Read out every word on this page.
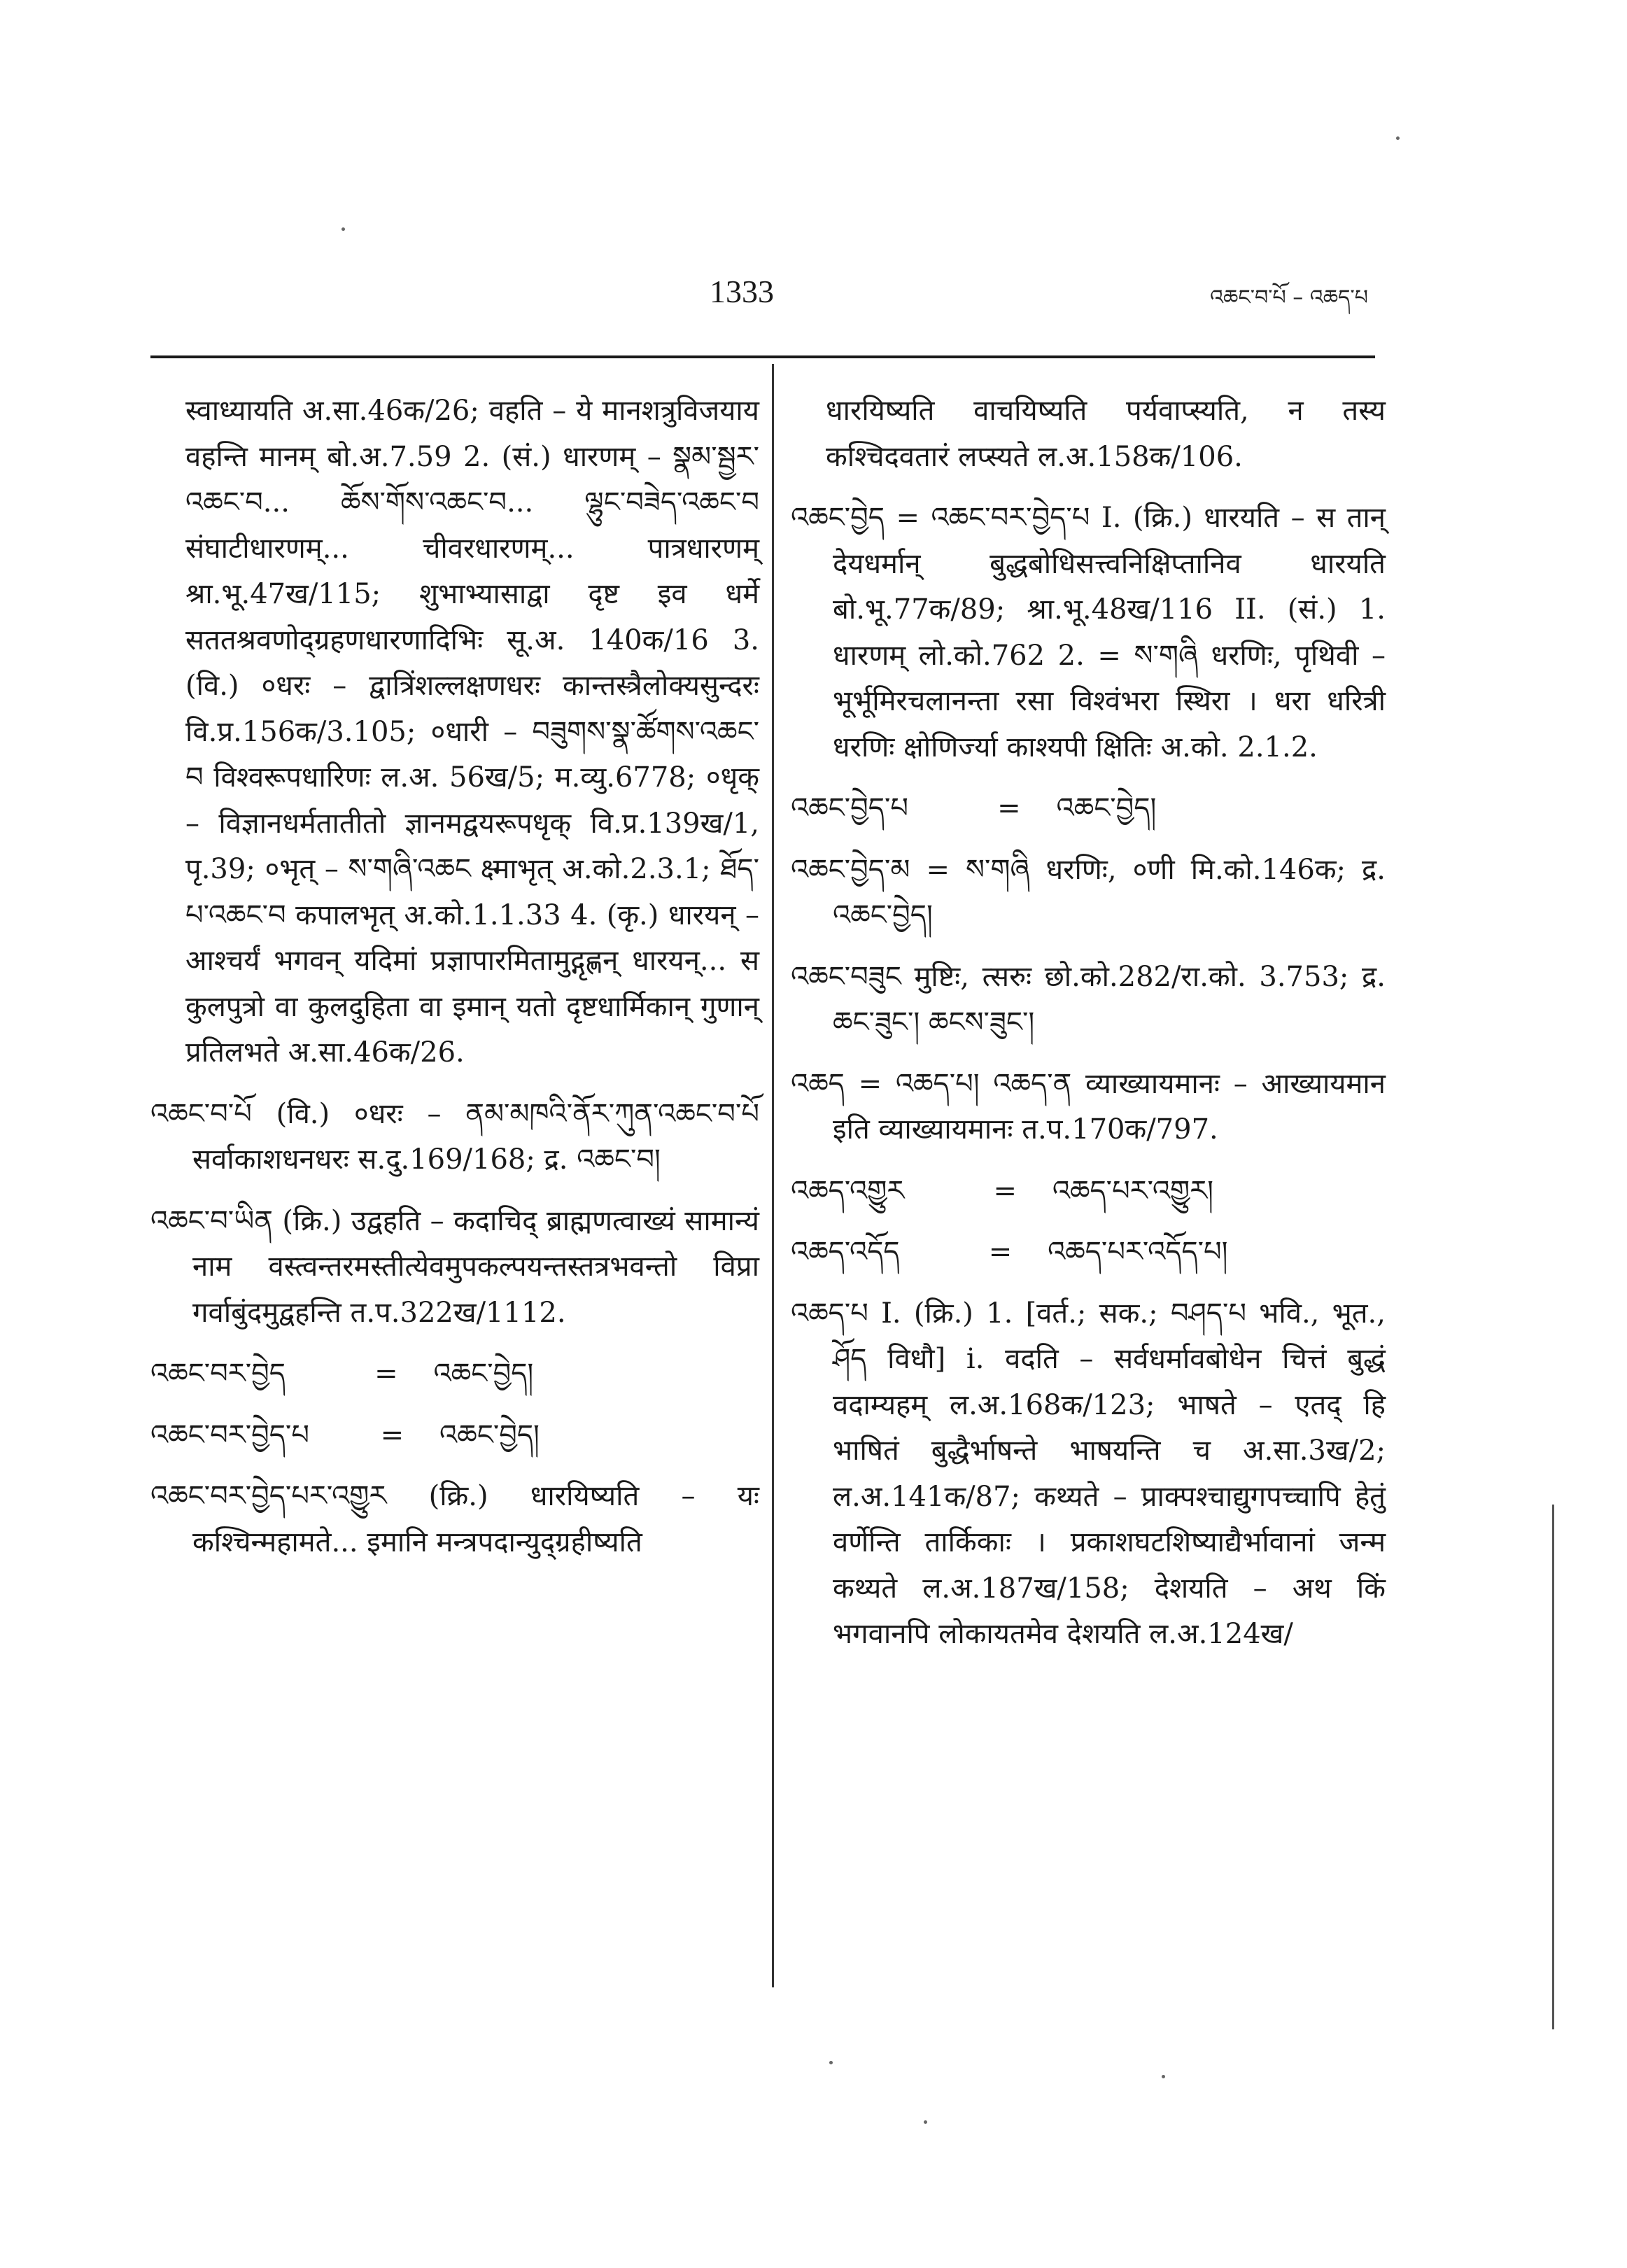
1333	འཆང་བ་པོ – འཆད་པ

स्वाध्यायति अ.सा.46क/26; वहति – ये मानशत्रुविजयाय वहन्ति मानम् बो.अ.7.59 2. (सं.) धारणम् – སྣམ་སྦྱར་འཆང་བ... ཆོས་གོས་འཆང་བ... ལྷུང་བཟེད་འཆང་བ संघाटीधारणम्... चीवरधारणम्... पात्रधारणम् श्रा.भू.47ख/115; शुभाभ्यासाद्वा दृष्ट इव धर्मे सततश्रवणोद्ग्रहणधारणादिभिः सू.अ. 140क/16 3. (वि.) ०धरः – द्वात्रिंशल्लक्षणधरः कान्तस्त्रैलोक्यसुन्दरः वि.प्र.156क/3.105; ०धारी – བཟུགས་སྣ་ཚོགས་འཆང་བ विश्वरूपधारिणः ल.अ. 56ख/5; म.व्यु.6778; ०धृक् – विज्ञानधर्मतातीतो ज्ञानमद्वयरूपधृक् वि.प्र.139ख/1, पृ.39; ०भृत् – ས་གཞི་འཆང क्ष्माभृत् अ.को.2.3.1; ཐོད་པ་འཆང་བ कपालभृत् अ.को.1.1.33 4. (कृ.) धारयन् – आश्चर्यं भगवन् यदिमां प्रज्ञापारमितामुद्गृह्णन् धारयन्... स कुलपुत्रो वा कुलदुहिता वा इमान् यतो दृष्टधार्मिकान् गुणान् प्रतिलभते अ.सा.46क/26.

འཆང་བ་པོ (वि.) ०धरः – ནམ་མཁའི་ནོར་ཀུན་འཆང་བ་པོ सर्वाकाशधनधरः स.दु.169/168; द्र. འཆང་བ།

འཆང་བ་ཡིན (क्रि.) उद्वहति – कदाचिद् ब्राह्मणत्वाख्यं सामान्यं नाम वस्त्वन्तरमस्तीत्येवमुपकल्पयन्तस्तत्रभवन्तो विप्रा गर्वाबुंदमुद्वहन्ति त.प.322ख/1112.

འཆང་བར་བྱེད          =    འཆང་བྱེད།

འཆང་བར་བྱེད་པ        =    འཆང་བྱེད།

འཆང་བར་བྱེད་པར་འགྱུར (क्रि.) धारयिष्यति – यः कश्चिन्महामते... इमानि मन्त्रपदान्युद्ग्रहीष्यति

धारयिष्यति वाचयिष्यति पर्यवाप्स्यति, न तस्य कश्चिदवतारं लप्स्यते ल.अ.158क/106.

འཆང་བྱེད = འཆང་བར་བྱེད་པ I. (क्रि.) धारयति – स तान् देयधर्मान् बुद्धबोधिसत्त्वनिक्षिप्तानिव धारयति बो.भू.77क/89; श्रा.भू.48ख/116 II. (सं.) 1. धारणम् लो.को.762 2. = ས་གཞི धरणिः, पृथिवी – भूर्भूमिरचलानन्ता रसा विश्वंभरा स्थिरा । धरा धरित्री धरणिः क्षोणिर्ज्या काश्यपी क्षितिः अ.को. 2.1.2.

འཆང་བྱེད་པ          =    འཆང་བྱེད།

འཆང་བྱེད་མ = ས་གཞི धरणिः, ०णी मि.को.146क; द्र. འཆང་བྱེད།

འཆང་བཟུང मुष्टिः, त्सरुः छो.को.282/रा.को. 3.753; द्र. ཆང་ཟུང་། ཆངས་ཟུང་།

འཆད = འཆད་པ། འཆད་ན व्याख्यायमानः – आख्यायमान इति व्याख्यायमानः त.प.170क/797.

འཆད་འགྱུར          =    འཆད་པར་འགྱུར།

འཆད་འདོད          =    འཆད་པར་འདོད་པ།

འཆད་པ I. (क्रि.) 1. [वर्त.; सक.; བཤད་པ भवि., भूत., ཤོད विधौ] i. वदति – सर्वधर्मावबोधेन चित्तं बुद्धं वदाम्यहम् ल.अ.168क/123; भाषते – एतद् हि भाषितं बुद्धैर्भाषन्ते भाषयन्ति च अ.सा.3ख/2; ल.अ.141क/87; कथ्यते – प्राक्पश्चाद्युगपच्चापि हेतुं वर्णेन्ति तार्किकाः । प्रकाशघटशिष्याद्यैर्भावानां जन्म कथ्यते ल.अ.187ख/158; देशयति – अथ किं भगवानपि लोकायतमेव देशयति ल.अ.124ख/
